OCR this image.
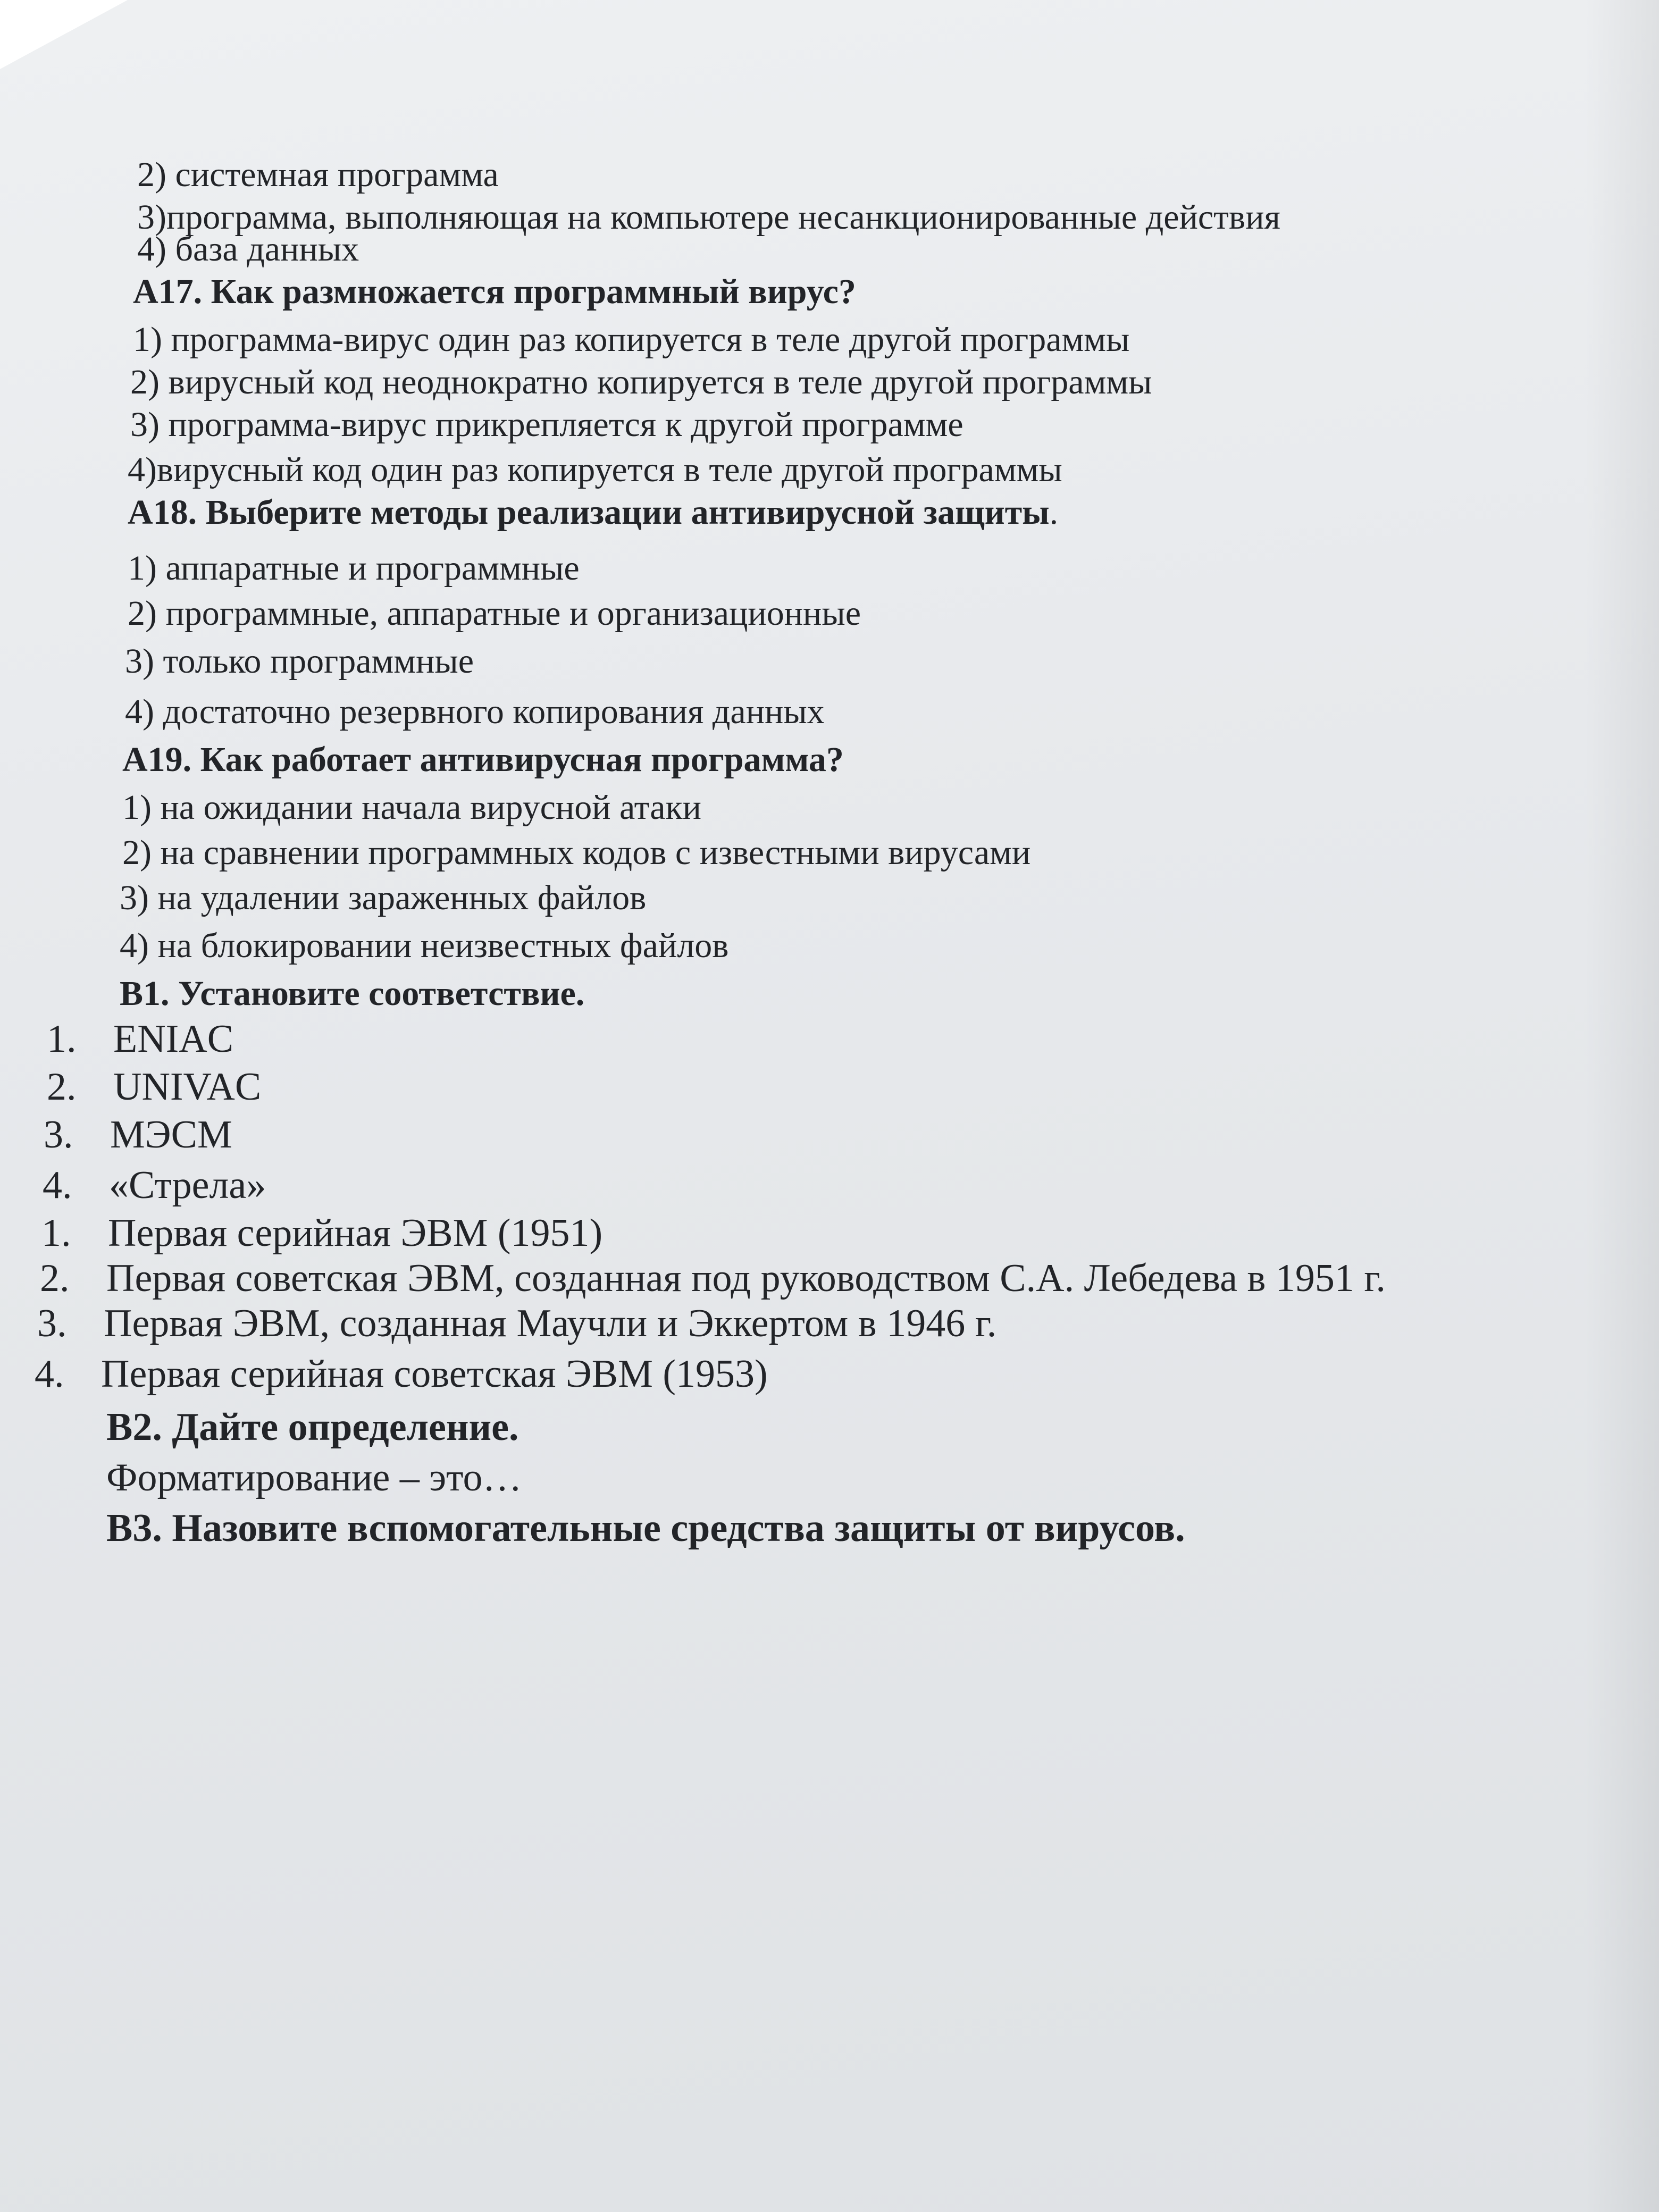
2) системная программа
3)программа, выполняющая на компьютере несанкционированные действия
4) база данных
А17. Как размножается программный вирус?
1) программа-вирус один раз копируется в теле другой программы
2) вирусный код неоднократно копируется в теле другой программы
3) программа-вирус прикрепляется к другой программе
4)вирусный код один раз копируется в теле другой программы
А18. Выберите методы реализации антивирусной защиты.
1) аппаратные и программные
2) программные, аппаратные и организационные
3) только программные
4) достаточно резервного копирования данных
А19. Как работает антивирусная программа?
1) на ожидании начала вирусной атаки
2) на сравнении программных кодов с известными вирусами
3) на удалении зараженных файлов
4) на блокировании неизвестных файлов
В1. Установите соответствие.
1. ENIAC
2. UNIVAC
3. МЭСМ
4. «Стрела»
1. Первая серийная ЭВМ (1951)
2. Первая советская ЭВМ, созданная под руководством С.А. Лебедева в 1951 г.
3. Первая ЭВМ, созданная Маучли и Эккертом в 1946 г.
4. Первая серийная советская ЭВМ (1953)
В2. Дайте определение.
Форматирование – это…
В3. Назовите вспомогательные средства защиты от вирусов.
